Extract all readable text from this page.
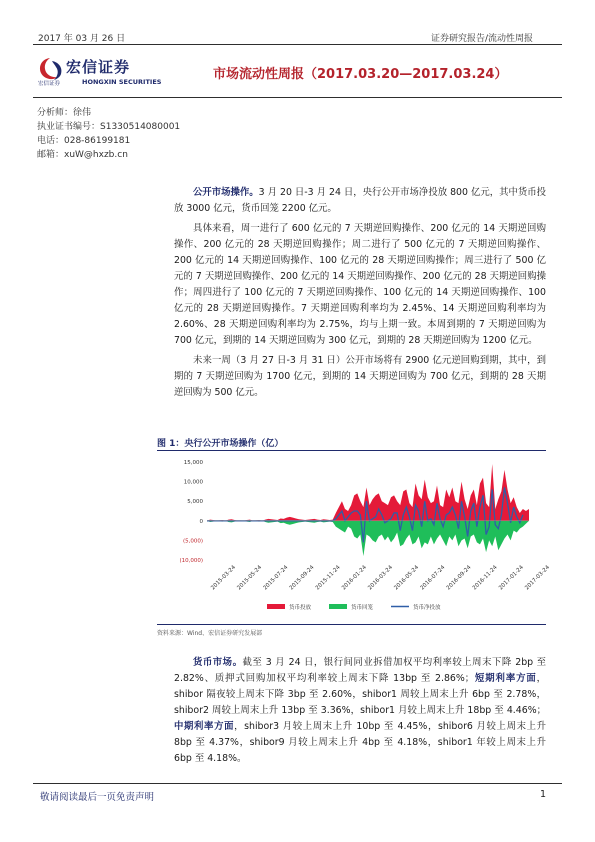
2017 年 03 月 26 日	证券研究报告/流动性周报
宏信证券
宏信证券	HONGXIN SECURITIES	市场流动性周报（2017.03.20—2017.03.24）
分析师：徐伟
执业证书编号：S1330514080001
电话：028-86199181
邮箱：xuW@hxzb.cn

公开市场操作。3 月 20 日-3 月 24 日，央行公开市场净投放 800 亿元，其中货币投放 3000 亿元，货币回笼 2200 亿元。

具体来看，周一进行了 600 亿元的 7 天期逆回购操作、200 亿元的 14 天期逆回购操作、200 亿元的 28 天期逆回购操作；周二进行了 500 亿元的 7 天期逆回购操作、200 亿元的 14 天期逆回购操作、100 亿元的 28 天期逆回购操作；周三进行了 500 亿元的 7 天期逆回购操作、200 亿元的 14 天期逆回购操作、200 亿元的 28 天期逆回购操作；周四进行了 100 亿元的 7 天期逆回购操作、100 亿元的 14 天期逆回购操作、100 亿元的 28 天期逆回购操作。7 天期逆回购利率均为 2.45%、14 天期逆回购利率均为 2.60%、28 天期逆回购利率均为 2.75%，均与上期一致。本周到期的 7 天期逆回购为 700 亿元，到期的 14 天期逆回购为 300 亿元，到期的 28 天期逆回购为 1200 亿元。

未来一周（3 月 27 日-3 月 31 日）公开市场将有 2900 亿元逆回购到期，其中，到期的 7 天期逆回购为 1700 亿元，到期的 14 天期逆回购为 700 亿元，到期的 28 天期逆回购为 500 亿元。

图 1：央行公开市场操作（亿）
15,000
10,000
5,000
0
(5,000)
(10,000)
2015-03-24 2015-05-24 2015-07-24 2015-09-24 2015-11-24 2016-01-24 2016-03-24 2016-05-24 2016-07-24 2016-09-24 2016-11-24 2017-01-24 2017-03-24
货币投放	货币回笼	货币净投放
资料来源：Wind、宏信证券研究发展部

货币市场。截至 3 月 24 日，银行间同业拆借加权平均利率较上周末下降 2bp 至 2.82%、质押式回购加权平均利率较上周末下降 13bp 至 2.86%；短期利率方面，shibor 隔夜较上周末下降 3bp 至 2.60%，shibor1 周较上周末上升 6bp 至 2.78%，shibor2 周较上周末上升 13bp 至 3.36%，shibor1 月较上周末上升 18bp 至 4.46%；中期利率方面，shibor3 月较上周末上升 10bp 至 4.45%，shibor6 月较上周末上升 8bp 至 4.37%，shibor9 月较上周末上升 4bp 至 4.18%，shibor1 年较上周末上升 6bp 至 4.18%。

敬请阅读最后一页免责声明	1
